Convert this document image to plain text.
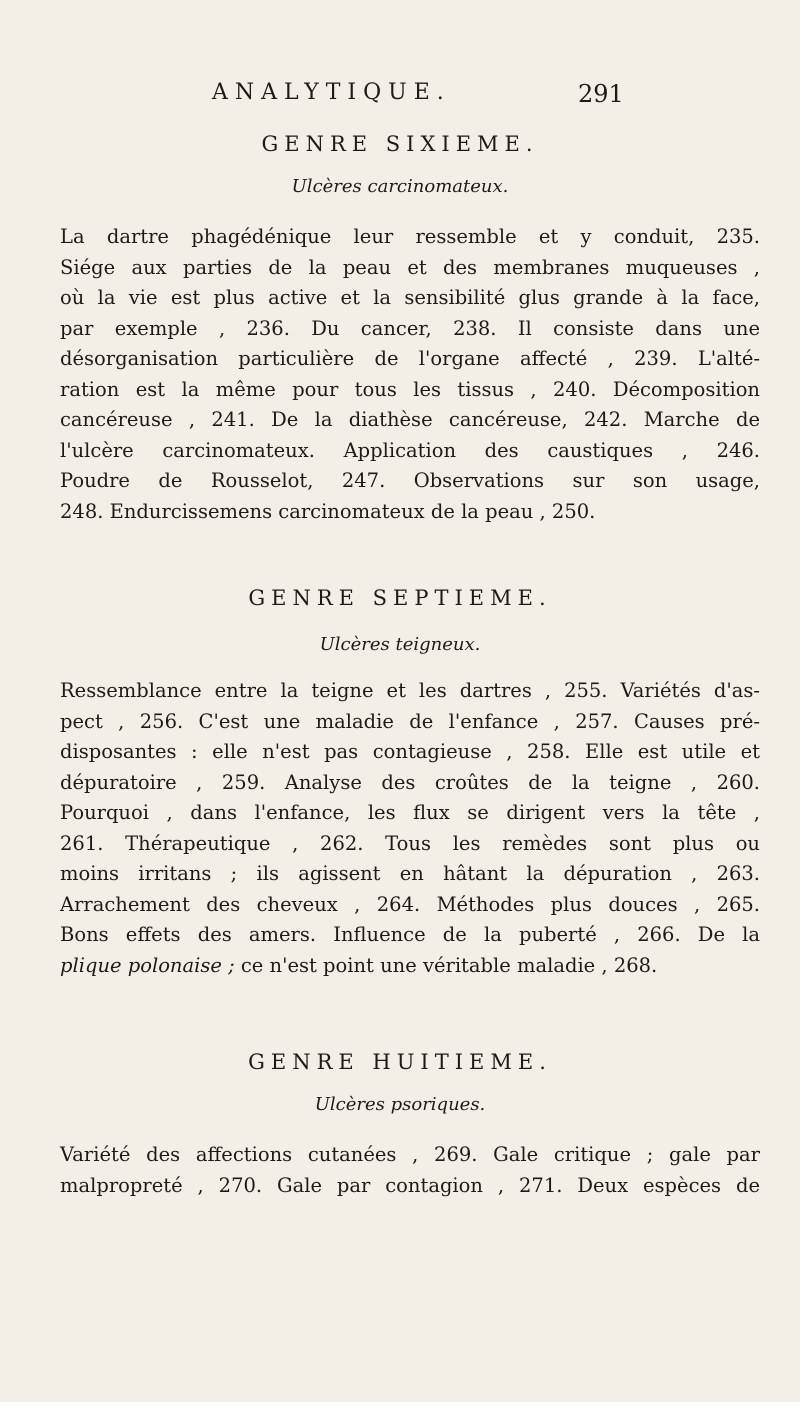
ANALYTIQUE.	291
GENRE SIXIEME.

Ulcères carcinomateux.

La dartre phagédénique leur ressemble et y conduit, 235.
Siége aux parties de la peau et des membranes muqueuses ,
où la vie est plus active et la sensibilité glus grande à la face,
par exemple , 236. Du cancer, 238. Il consiste dans une
désorganisation particulière de l'organe affecté , 239. L'alté-
ration est la même pour tous les tissus , 240. Décomposition
cancéreuse , 241. De la diathèse cancéreuse, 242. Marche de
l'ulcère carcinomateux. Application des caustiques , 246.
Poudre de Rousselot, 247. Observations sur son usage,
248. Endurcissemens carcinomateux de la peau , 250.
GENRE SEPTIEME.

Ulcères teigneux.

Ressemblance entre la teigne et les dartres , 255. Variétés d'as-
pect , 256. C'est une maladie de l'enfance , 257. Causes pré-
disposantes : elle n'est pas contagieuse , 258. Elle est utile et
dépuratoire , 259. Analyse des croûtes de la teigne , 260.
Pourquoi , dans l'enfance, les flux se dirigent vers la tête ,
261. Thérapeutique , 262. Tous les remèdes sont plus ou
moins irritans ; ils agissent en hâtant la dépuration , 263.
Arrachement des cheveux , 264. Méthodes plus douces , 265.
Bons effets des amers. Influence de la puberté , 266. De la
plique polonaise ; ce n'est point une véritable maladie , 268.
GENRE HUITIEME.

Ulcères psoriques.

Variété des affections cutanées , 269. Gale critique ; gale par
malpropreté , 270. Gale par contagion , 271. Deux espèces de
